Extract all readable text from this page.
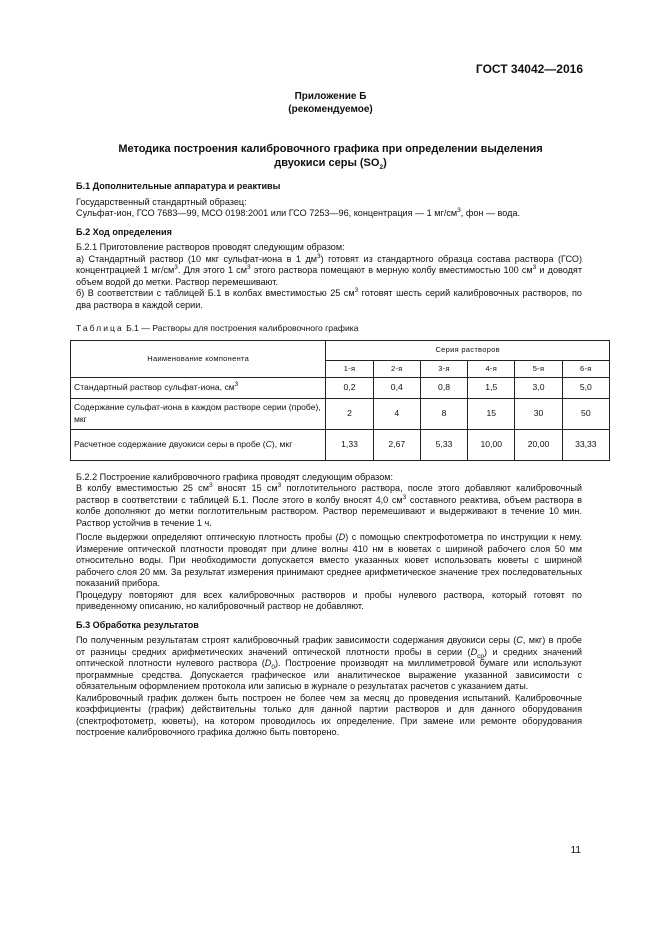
ГОСТ 34042—2016
Приложение Б
(рекомендуемое)
Методика построения калибровочного графика при определении выделения
двуокиси серы $(SO_2)$

Б.1 Дополнительные аппаратура и реактивы

Государственный стандартный образец:

Сульфат-ион, ГСО 7683—99, МСО 0198:2001 или ГСО 7253—96, концентрация — 1 $мг/см^3$, фон — вода.

Б.2 Ход определения

Б.2.1 Приготовление растворов проводят следующим образом:

а) Стандартный раствор (10 мкг сульфат-иона в 1 $дм^3$) готовят из стандартного образца состава раствора (ГСО) концентрацией 1 $мг/см^3$. Для этого 1 $см^3$ этого раствора помещают в мерную колбу вместимостью 100 $см^3$ и доводят объем водой до метки. Раствор перемешивают.

б) В соответствии с таблицей Б.1 в колбах вместимостью 25 $см^3$ готовят шесть серий калибровочных растворов, по два раствора в каждой серии.

Таблица Б.1 — Растворы для построения калибровочного графика

Наименование компонента	Серия растворов					
	1-я	2-я	3-я	4-я	5-я	6-я
Стандартный раствор сульфат-иона, $см^3$	0,2	0,4	0,8	1,5	3,0	5,0
Содержание сульфат-иона в каждом растворе серии (пробе), мкг	2	4	8	15	30	50
Расчетное содержание двуокиси серы в пробе (C), мкг	1,33	2,67	5,33	10,00	20,00	33,33

Б.2.2 Построение калибровочного графика проводят следующим образом:

В колбу вместимостью 25 $см^3$ вносят 15 $см^3$ поглотительного раствора, после этого добавляют калибровочный раствор в соответствии с таблицей Б.1. После этого в колбу вносят 4,0 $см^3$ составного реактива, объем раствора в колбе дополняют до метки поглотительным раствором. Раствор перемешивают и выдерживают в течение 10 мин. Раствор устойчив в течение 1 ч.

После выдержки определяют оптическую плотность пробы (D) с помощью спектрофотометра по инструкции к нему. Измерение оптической плотности проводят при длине волны 410 нм в кюветах с шириной рабочего слоя 50 мм относительно воды. При необходимости допускается вместо указанных кювет использовать кюветы с шириной рабочего слоя 20 мм. За результат измерения принимают среднее арифметическое значение трех последовательных показаний прибора.

Процедуру повторяют для всех калибровочных растворов и пробы нулевого раствора, который готовят по приведенному описанию, но калибровочный раствор не добавляют.

Б.3 Обработка результатов

По полученным результатам строят калибровочный график зависимости содержания двуокиси серы (C, мкг) в пробе от разницы средних арифметических значений оптической плотности пробы в серии $(D_{ср})$ и средних значений оптической плотности нулевого раствора $(D_0)$. Построение производят на миллиметровой бумаге или используют программные средства. Допускается графическое или аналитическое выражение указанной зависимости с обязательным оформлением протокола или записью в журнале о результатах расчетов с указанием даты.

Калибровочный график должен быть построен не более чем за месяц до проведения испытаний. Калибровочные коэффициенты (график) действительны только для данной партии растворов и для данного оборудования (спектрофотометр, кюветы), на котором проводилось их определение. При замене или ремонте оборудования построение калибровочного графика должно быть повторено.

11
